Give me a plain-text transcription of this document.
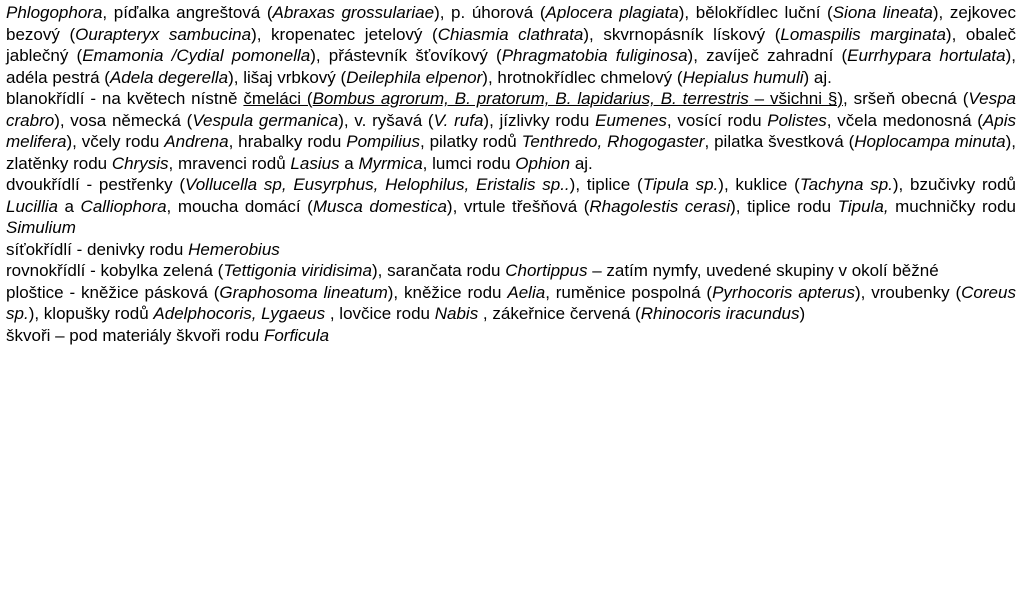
Phlogophora, píďalka angreštová (Abraxas grossulariae), p. úhorová (Aplocera plagiata), bělokřídlec luční (Siona lineata), zejkovec bezový (Ourapteryx sambucina), kropenatec jetelový (Chiasmia clathrata), skvrnopásník lískový (Lomaspilis marginata), obaleč jablečný (Emamonia /Cydial pomonella), přástevník šťovíkový (Phragmatobia fuliginosa), zavíječ zahradní (Eurrhypara hortulata), adéla pestrá (Adela degerella), lišaj vrbkový (Deilephila elpenor), hrotnokřídlec chmelový (Hepialus humuli) aj.

blanokřídlí - na květech nístně čmeláci (Bombus agrorum, B. pratorum, B. lapidarius, B. terrestris – všichni §), sršeň obecná (Vespa crabro), vosa německá (Vespula germanica), v. ryšavá (V. rufa), jízlivky rodu Eumenes, vosící rodu Polistes, včela medonosná (Apis melifera), včely rodu Andrena, hrabalky rodu Pompilius, pilatky rodů Tenthredo, Rhogogaster, pilatka švestková (Hoplocampa minuta), zlatěnky rodu Chrysis, mravenci rodů Lasius a Myrmica, lumci rodu Ophion aj.

dvoukřídlí - pestřenky (Vollucella sp, Eusyrphus, Helophilus, Eristalis sp..), tiplice (Tipula sp.), kuklice (Tachyna sp.), bzučivky rodů Lucillia a Calliophora, moucha domácí (Musca domestica), vrtule třešňová (Rhagolestis cerasi), tiplice rodu Tipula, muchničky rodu Simulium

síťokřídlí - denivky rodu Hemerobius

rovnokřídlí - kobylka zelená (Tettigonia viridisima), sarančata rodu Chortippus – zatím nymfy, uvedené skupiny v okolí běžné

ploštice - kněžice pásková (Graphosoma lineatum), kněžice rodu Aelia, ruměnice pospolná (Pyrhocoris apterus), vroubenky (Coreus sp.), klopušky rodů Adelphocoris, Lygaeus , lovčice rodu Nabis , zákeřnice červená (Rhinocoris iracundus)

škvoři – pod materiály škvoři rodu Forficula
